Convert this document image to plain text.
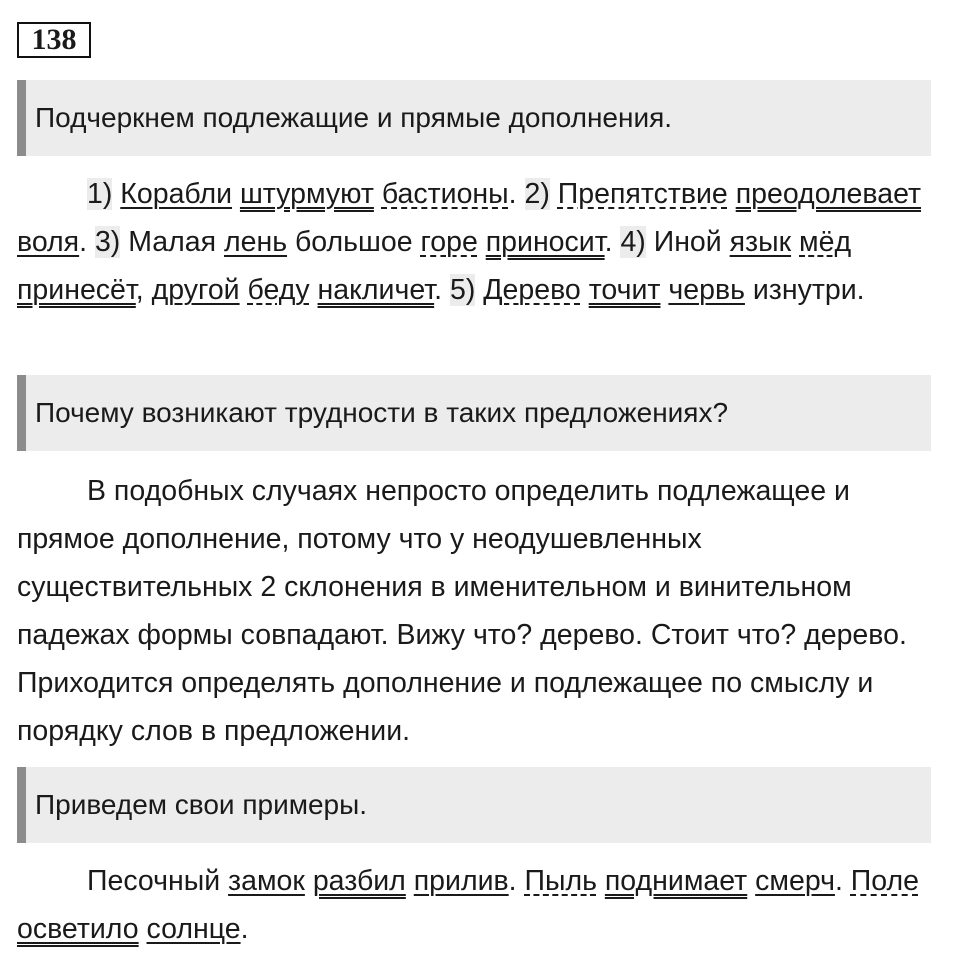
138
Подчеркнем подлежащие и прямые дополнения.
1) Корабли штурмуют бастионы. 2) Препятствие преодолевает воля. 3) Малая лень большое горе приносит. 4) Иной язык мёд принесёт, другой беду накличет. 5) Дерево точит червь изнутри.
Почему возникают трудности в таких предложениях?
В подобных случаях непросто определить подлежащее и прямое дополнение, потому что у неодушевленных существительных 2 склонения в именительном и винительном падежах формы совпадают. Вижу что? дерево. Стоит что? дерево. Приходится определять дополнение и подлежащее по смыслу и порядку слов в предложении.
Приведем свои примеры.
Песочный замок разбил прилив. Пыль поднимает смерч. Поле осветило солнце.
